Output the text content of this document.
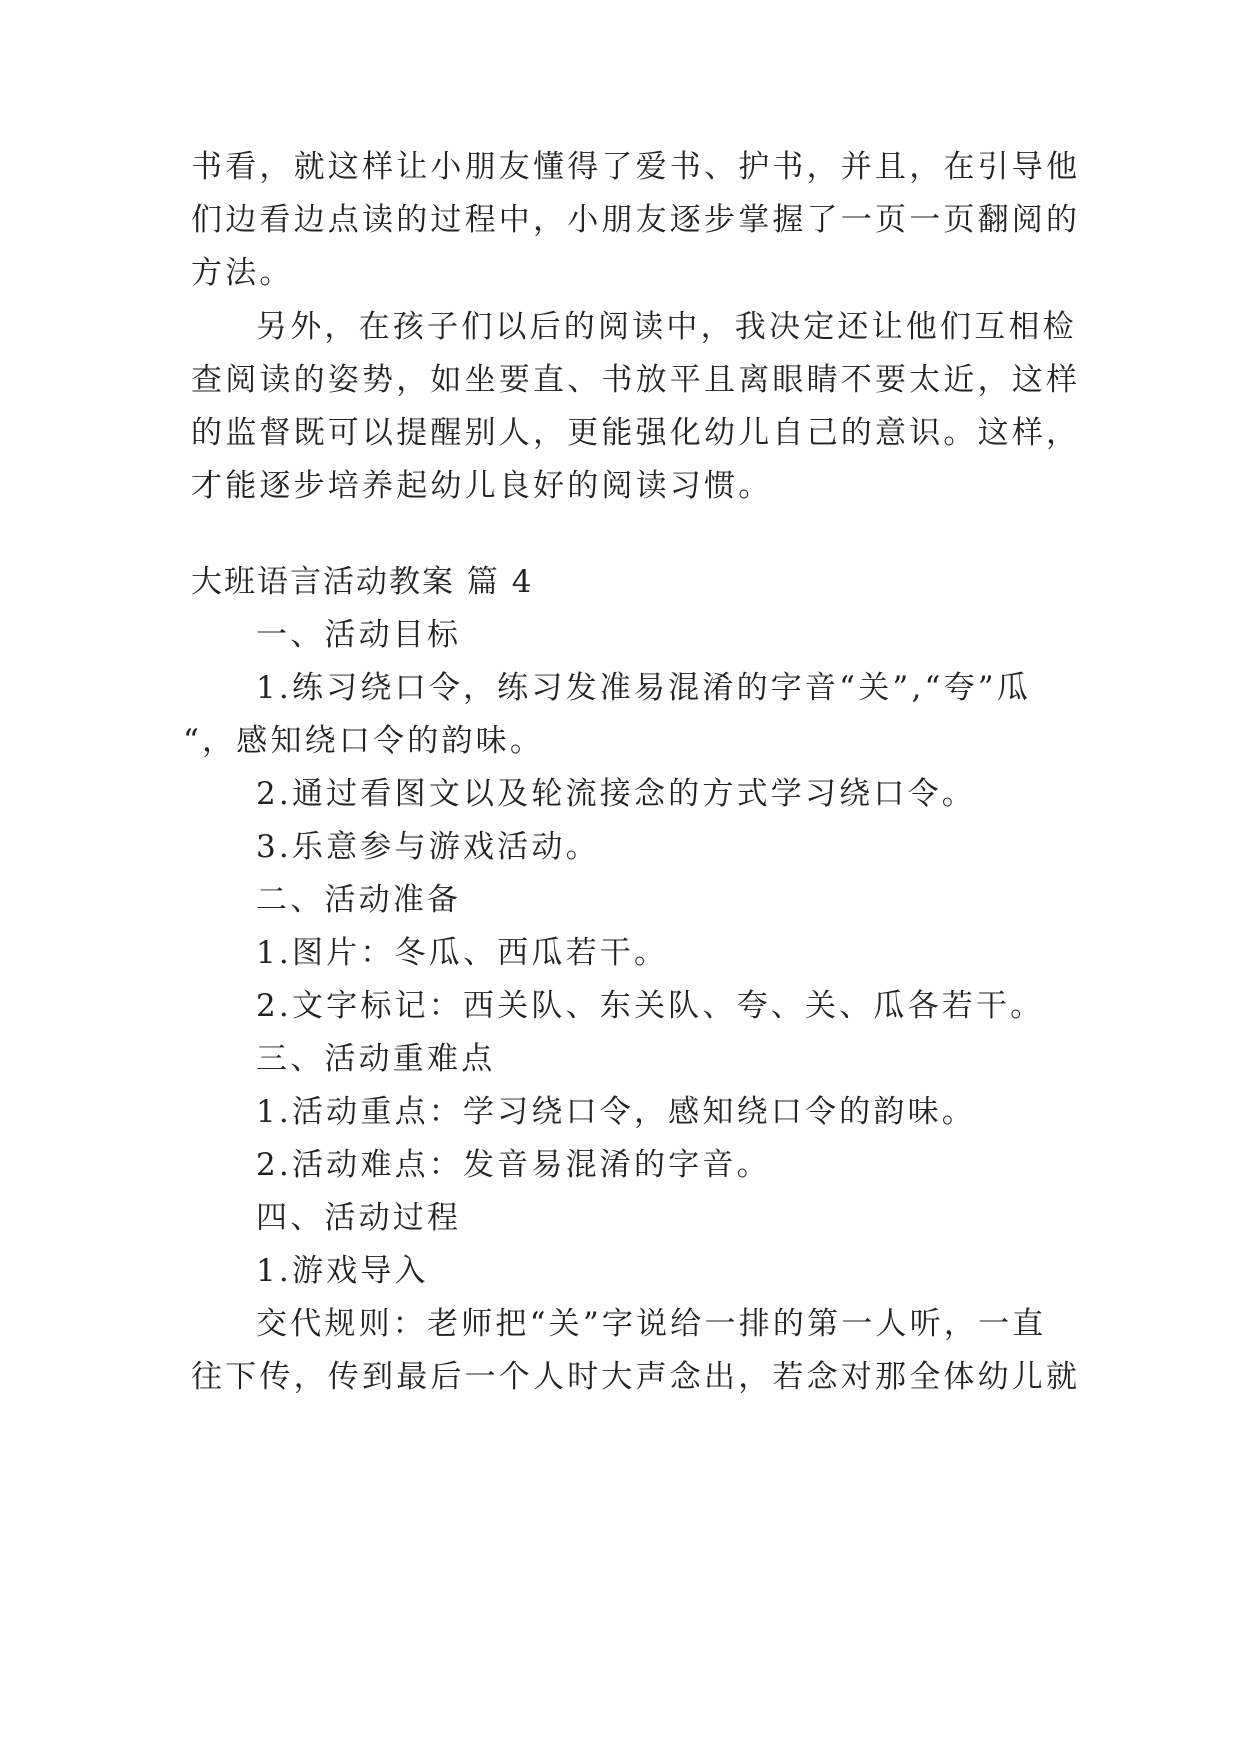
书看，就这样让小朋友懂得了爱书、护书，并且，在引导他
们边看边点读的过程中，小朋友逐步掌握了一页一页翻阅的
方法。
另外，在孩子们以后的阅读中，我决定还让他们互相检
查阅读的姿势，如坐要直、书放平且离眼睛不要太近，这样
的监督既可以提醒别人，更能强化幼儿自己的意识。这样，
才能逐步培养起幼儿良好的阅读习惯。
大班语言活动教案 篇 4
一、活动目标
1.练习绕口令，练习发准易混淆的字音“关”,“夸”瓜
“，感知绕口令的韵味。
2.通过看图文以及轮流接念的方式学习绕口令。
3.乐意参与游戏活动。
二、活动准备
1.图片：冬瓜、西瓜若干。
2.文字标记：西关队、东关队、夸、关、瓜各若干。
三、活动重难点
1.活动重点：学习绕口令，感知绕口令的韵味。
2.活动难点：发音易混淆的字音。
四、活动过程
1.游戏导入
交代规则：老师把“关”字说给一排的第一人听，一直
往下传，传到最后一个人时大声念出，若念对那全体幼儿就
